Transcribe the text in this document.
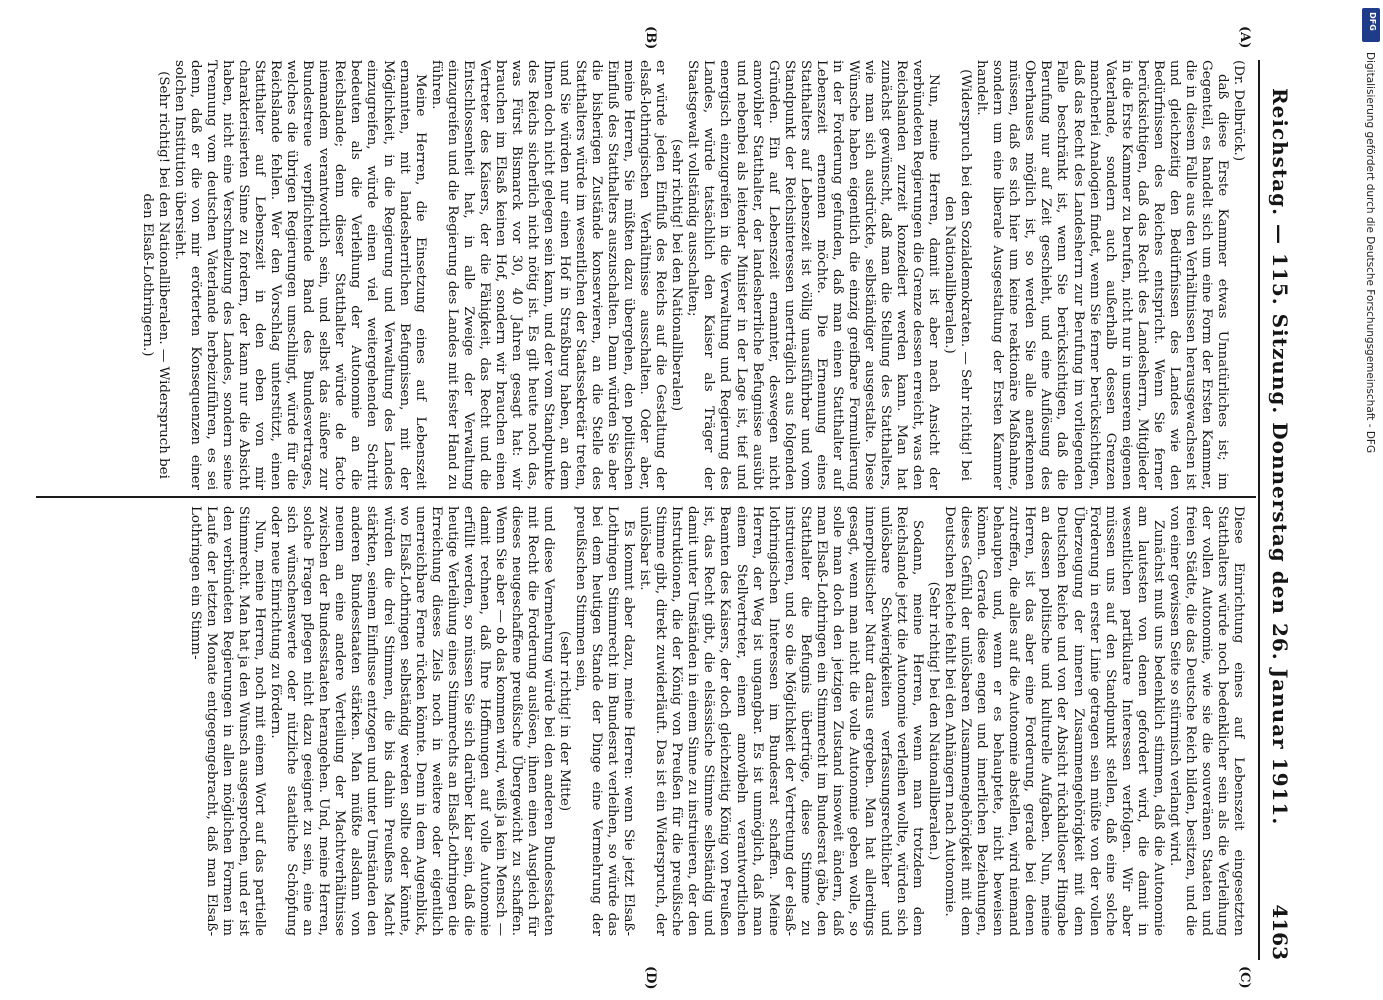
Reichstag. — 115. Sitzung. Donnerstag den 26. Januar 1911.
4163
(A)
(B)
(C)
(D)

(Dr. Delbrück.)

daß diese Erste Kammer etwas Unnatürliches ist; im Gegenteil, es handelt sich um eine Form der Ersten Kammer, die in diesem Falle aus den Verhältnissen herausgewachsen ist und gleichzeitig den Bedürfnissen des Landes wie den Bedürfnissen des Reiches entspricht. Wenn Sie ferner berücksichtigen, daß das Recht des Landesherrn, Mitglieder in die Erste Kammer zu berufen, nicht nur in unserem eigenen Vaterlande, sondern auch außerhalb dessen Grenzen mancherlei Analogien findet, wenn Sie ferner berücksichtigen, daß das Recht des Landesherrn zur Berufung im vorliegenden Falle beschränkt ist, wenn Sie berücksichtigen, daß die Berufung nur auf Zeit geschieht, und eine Auflösung des Oberhauses möglich ist, so werden Sie alle anerkennen müssen, daß es sich hier um keine reaktionäre Maßnahme, sondern um eine liberale Ausgestaltung der Ersten Kammer handelt.

(Widerspruch bei den Sozialdemokraten. — Sehr richtig! bei den Nationalliberalen.)

Nun, meine Herren, damit ist aber nach Ansicht der verbündeten Regierungen die Grenze dessen erreicht, was den Reichslanden zurzeit konzediert werden kann. Man hat zunächst gewünscht, daß man die Stellung des Statthalters, wie man sich ausdrückte, selbständiger ausgestalte. Diese Wünsche haben eigentlich die einzig greifbare Formulierung in der Forderung gefunden, daß man einen Statthalter auf Lebenszeit ernennen möchte. Die Ernennung eines Statthalters auf Lebenszeit ist völlig unausführbar und vom Standpunkt der Reichsinteressen unerträglich aus folgenden Gründen. Ein auf Lebenszeit ernannter, deswegen nicht amovibler Statthalter, der landesherrliche Befugnisse ausübt und nebenbei als leitender Minister in der Lage ist, tief und energisch einzugreifen in die Verwaltung und Regierung des Landes, würde tatsächlich den Kaiser als Träger der Staatsgewalt vollständig ausschalten;

(sehr richtig! bei den Nationalliberalen)

er würde jeden Einfluß des Reichs auf die Gestaltung der elsaß-lothringischen Verhältnisse ausschalten. Oder aber, meine Herren, Sie müßten dazu übergehen, den politischen Einfluß des Statthalters auszuschalten. Dann würden Sie aber die bisherigen Zustände konservieren, an die Stelle des Statthalters würde im wesentlichen der Staatssekretär treten, und Sie würden nur einen Hof in Straßburg haben, an dem Ihnen doch nicht gelegen sein kann, und der vom Standpunkte des Reichs sicherlich nicht nötig ist. Es gilt heute noch das, was Fürst Bismarck vor 30, 40 Jahren gesagt hat: wir brauchen im Elsaß keinen Hof, sondern wir brauchen einen Vertreter des Kaisers, der die Fähigkeit, das Recht und die Entschlossenheit hat, in alle Zweige der Verwaltung einzugreifen und die Regierung des Landes mit fester Hand zu führen.

Meine Herren, die Einsetzung eines auf Lebenszeit ernannten, mit landesherrlichen Befugnissen, mit der Möglichkeit, in die Regierung und Verwaltung des Landes einzugreifen, würde einen viel weitergehenden Schritt bedeuten als die Verleihung der Autonomie an die Reichslande; denn dieser Statthalter würde de facto niemandem verantwortlich sein, und selbst das äußere zur Bundestreue verpflichtende Band des Bundesvertrages, welches die übrigen Regierungen umschlingt, würde für die Reichslande fehlen. Wer den Vorschlag unterstützt, einen Statthalter auf Lebenszeit in den eben von mir charakterisierten Sinne zu fordern, der kann nur die Absicht haben, nicht eine Verschmelzung des Landes, sondern seine Trennung vom deutschen Vaterlande herbeizuführen, es sei denn, daß er die von mir erörterten Konsequenzen einer solchen Institution übersieht.

(Sehr richtig! bei den Nationalliberalen. — Widerspruch bei den Elsaß-Lothringern.)

Diese Einrichtung eines auf Lebenszeit eingesetzten Statthalters würde noch bedenklicher sein als die Verleihung der vollen Autonomie, wie sie die souveränen Staaten und freien Städte, die das Deutsche Reich bilden, besitzen, und die von einer gewissen Seite so stürmisch verlangt wird.

Zunächst muß uns bedenklich stimmen, daß die Autonomie am lautesten von denen gefordert wird, die damit in wesentlichen partikulare Interessen verfolgen. Wir aber müssen uns auf den Standpunkt stellen, daß eine solche Forderung in erster Linie getragen sein müßte von der vollen Überzeugung der inneren Zusammengehörigkeit mit dem Deutschen Reiche und von der Absicht rückhaltloser Hingabe an dessen politische und kulturelle Aufgaben. Nun, meine Herren, ist das aber eine Forderung, gerade bei denen zutreffen, die alles auf die Autonomie abstellen, wird niemand behaupten und, wenn er es behauptete, nicht beweisen können. Gerade diese engen und innerlichen Beziehungen, dieses Gefühl der unlösbaren Zusammengehörigkeit mit dem Deutschen Reiche fehlt bei den Anhängern nach Autonomie.

(Sehr richtig! bei den Nationalliberalen.)

Sodann, meine Herren, wenn man trotzdem dem Reichslande jetzt die Autonomie verleihen wollte, würden sich unlösbare Schwierigkeiten verfassungsrechtlicher und innerpolitischer Natur daraus ergeben. Man hat allerdings gesagt, wenn man nicht die volle Autonomie geben wolle, so solle man doch den jetzigen Zustand insoweit ändern, daß man Elsaß-Lothringen ein Stimmrecht im Bundesrat gäbe, den Statthalter die Befugnis übertrüge, diese Stimme zu instruieren, und so die Möglichkeit der Vertretung der elsaß-lothringischen Interessen im Bundesrat schaffen. Meine Herren, der Weg ist ungangbar. Es ist unmöglich, daß man einem Stellvertreter, einem amovibeln verantwortlichen Beamten des Kaisers, der doch gleichzeitig König von Preußen ist, das Recht gibt, die elsässische Stimme selbständig und damit unter Umständen in einem Sinne zu instruieren, der den Instruktionen, die der König von Preußen für die preußische Stimme gibt, direkt zuwiderläuft. Das ist ein Widerspruch, der unlösbar ist.

Es kommt aber dazu, meine Herren: wenn Sie jetzt Elsaß-Lothringen Stimmrecht im Bundesrat verleihen, so würde das bei dem heutigen Stande der Dinge eine Vermehrung der preußischen Stimmen sein,

(sehr richtig! in der Mitte)

und diese Vermehrung würde bei den anderen Bundesstaaten mit Recht die Forderung auslösen, ihnen einen Ausgleich für dieses neugeschaffene preußische Übergewicht zu schaffen. Wenn Sie aber — ob das kommen wird, weiß ja kein Mensch — damit rechnen, daß Ihre Hoffnungen auf volle Autonomie erfüllt werden, so müssen Sie sich darüber klar sein, daß die heutige Verleihung eines Stimmrechts an Elsaß-Lothringen die Erreichung dieses Ziels noch in weitere oder eigentlich unerreichbare Ferne rücken könnte. Denn in dem Augenblick, wo Elsaß-Lothringen selbständig werden sollte oder könnte, würden die drei Stimmen, die bis dahin Preußens Macht stärkten, seinem Einflusse entzogen und unter Umständen den anderen Bundesstaaten stärken. Man müßte alsdann von neuem an eine andere Verteilung der Machtverhältnisse zwischen der Bundesstaaten herangehen. Und, meine Herren, solche Fragen pflegen nicht dazu geeignet zu sein, eine an sich wünschenswerte oder nützliche staatliche Schöpfung oder neue Einrichtung zu fördern.

Nun, meine Herren, noch mit einem Wort auf das partielle Stimmrecht. Man hat ja den Wunsch ausgesprochen, und er ist den verbündeten Regierungen in allen möglichen Formen im Laufe der letzten Monate entgegengebracht, daß man Elsaß-Lothringen ein Stimm-

DFG
Digitalisierung gefördert durch die Deutsche Forschungsgemeinschaft - DFG
